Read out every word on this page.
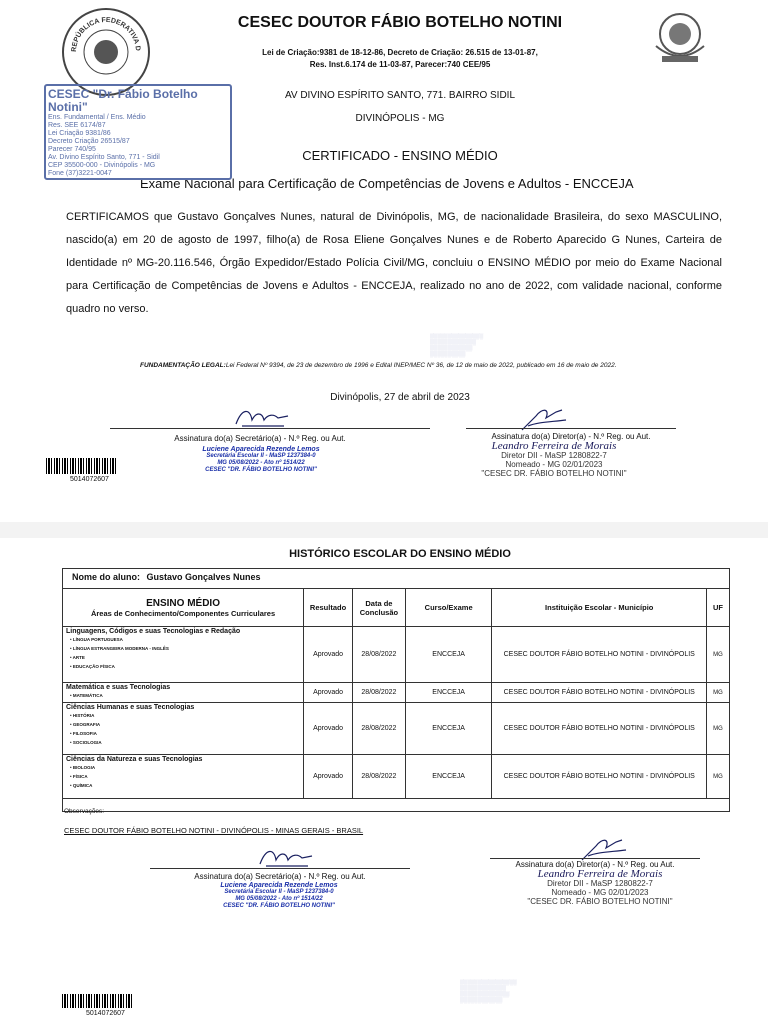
REPÚBLICA FEDERATIVA D
CESEC DOUTOR FÁBIO BOTELHO NOTINI
Lei de Criação:9381 de 18-12-86, Decreto de Criação: 26.515 de 13-01-87,
Res. Inst.6.174 de 11-03-87, Parecer:740 CEE/95
AV DIVINO ESPÍRITO SANTO, 771. BAIRRO SIDIL
DIVINÓPOLIS - MG
CERTIFICADO - ENSINO MÉDIO
Exame Nacional para Certificação de Competências de Jovens e Adultos - ENCCEJA
CESEC "Dr. Fábio Botelho Notini"
Ens. Fundamental / Ens. Médio
Res. SEE 6174/87
Lei Criação 9381/86
Decreto Criação 26515/87
Parecer 740/95
Av. Divino Espírito Santo, 771 - Sidil
CEP 35500-000 - Divinópolis - MG
Fone (37)3221-0047
CERTIFICAMOS que Gustavo Gonçalves Nunes, natural de Divinópolis, MG, de nacionalidade Brasileira, do sexo MASCULINO, nascido(a) em 20 de agosto de 1997, filho(a) de Rosa Eliene Gonçalves Nunes e de Roberto Aparecido G Nunes, Carteira de Identidade nº MG-20.116.546, Órgão Expedidor/Estado Polícia Civil/MG, concluiu o ENSINO MÉDIO por meio do Exame Nacional para Certificação de Competências de Jovens e Adultos - ENCCEJA, realizado no ano de 2022, com validade nacional, conforme quadro no verso.
░░░░░░░░░░░░░░░
░░░░░░░░░░░░░
░░░░░░░░░░░░
░░░░░░░░░░
FUNDAMENTAÇÃO LEGAL:Lei Federal Nº 9394, de 23 de dezembro de 1996 e Edital INEP/MEC Nº 36, de 12 de maio de 2022, publicado em 16 de maio de 2022.
Divinópolis, 27 de abril de 2023
Assinatura do(a) Secretário(a) - N.º Reg. ou Aut.
Luciene Aparecida Rezende Lemos
Secretária Escolar II - MaSP 1237384-0
MG 05/08/2022 - Ato nº 1514/22
CESEC "DR. FÁBIO BOTELHO NOTINI"
Assinatura do(a) Diretor(a) - N.º Reg. ou Aut.
Leandro Ferreira de Morais
Diretor DII - MaSP 1280822-7
Nomeado - MG 02/01/2023
"CESEC DR. FÁBIO BOTELHO NOTINI"
5014072607
HISTÓRICO ESCOLAR DO ENSINO MÉDIO
Nome do aluno: Gustavo Gonçalves Nunes
ENSINO MÉDIO
Áreas de Conhecimento/Componentes Curriculares	Resultado	Data de Conclusão	Curso/Exame	Instituição Escolar - Município	UF

Linguagens, Códigos e suas Tecnologias e Redação
• LÍNGUA PORTUGUESA
• LÍNGUA ESTRANGEIRA MODERNA - INGLÊS
• ARTE
• EDUCAÇÃO FÍSICA	Aprovado	28/08/2022	ENCCEJA	CESEC DOUTOR FÁBIO BOTELHO NOTINI - DIVINÓPOLIS	MG

Matemática e suas Tecnologias
• MATEMÁTICA	Aprovado	28/08/2022	ENCCEJA	CESEC DOUTOR FÁBIO BOTELHO NOTINI - DIVINÓPOLIS	MG

Ciências Humanas e suas Tecnologias
• HISTÓRIA
• GEOGRAFIA
• FILOSOFIA
• SOCIOLOGIA	Aprovado	28/08/2022	ENCCEJA	CESEC DOUTOR FÁBIO BOTELHO NOTINI - DIVINÓPOLIS	MG

Ciências da Natureza e suas Tecnologias
• BIOLOGIA
• FÍSICA
• QUÍMICA	Aprovado	28/08/2022	ENCCEJA	CESEC DOUTOR FÁBIO BOTELHO NOTINI - DIVINÓPOLIS	MG
Observações:
CESEC DOUTOR FÁBIO BOTELHO NOTINI - DIVINÓPOLIS - MINAS GERAIS - BRASIL
Assinatura do(a) Secretário(a) - N.º Reg. ou Aut.
Luciene Aparecida Rezende Lemos
Secretária Escolar II - MaSP 1237384-0
MG 05/08/2022 - Ato nº 1514/22
CESEC "DR. FÁBIO BOTELHO NOTINI"
Assinatura do(a) Diretor(a) - N.º Reg. ou Aut.
Leandro Ferreira de Morais
Diretor DII - MaSP 1280822-7
Nomeado - MG 02/01/2023
"CESEC DR. FÁBIO BOTELHO NOTINI"
░░░░░░░░░░░░░░░░
░░░░░░░░░░░░░
░░░░░░░░░░░░░░
░░░░░░░░░░░░
5014072607
